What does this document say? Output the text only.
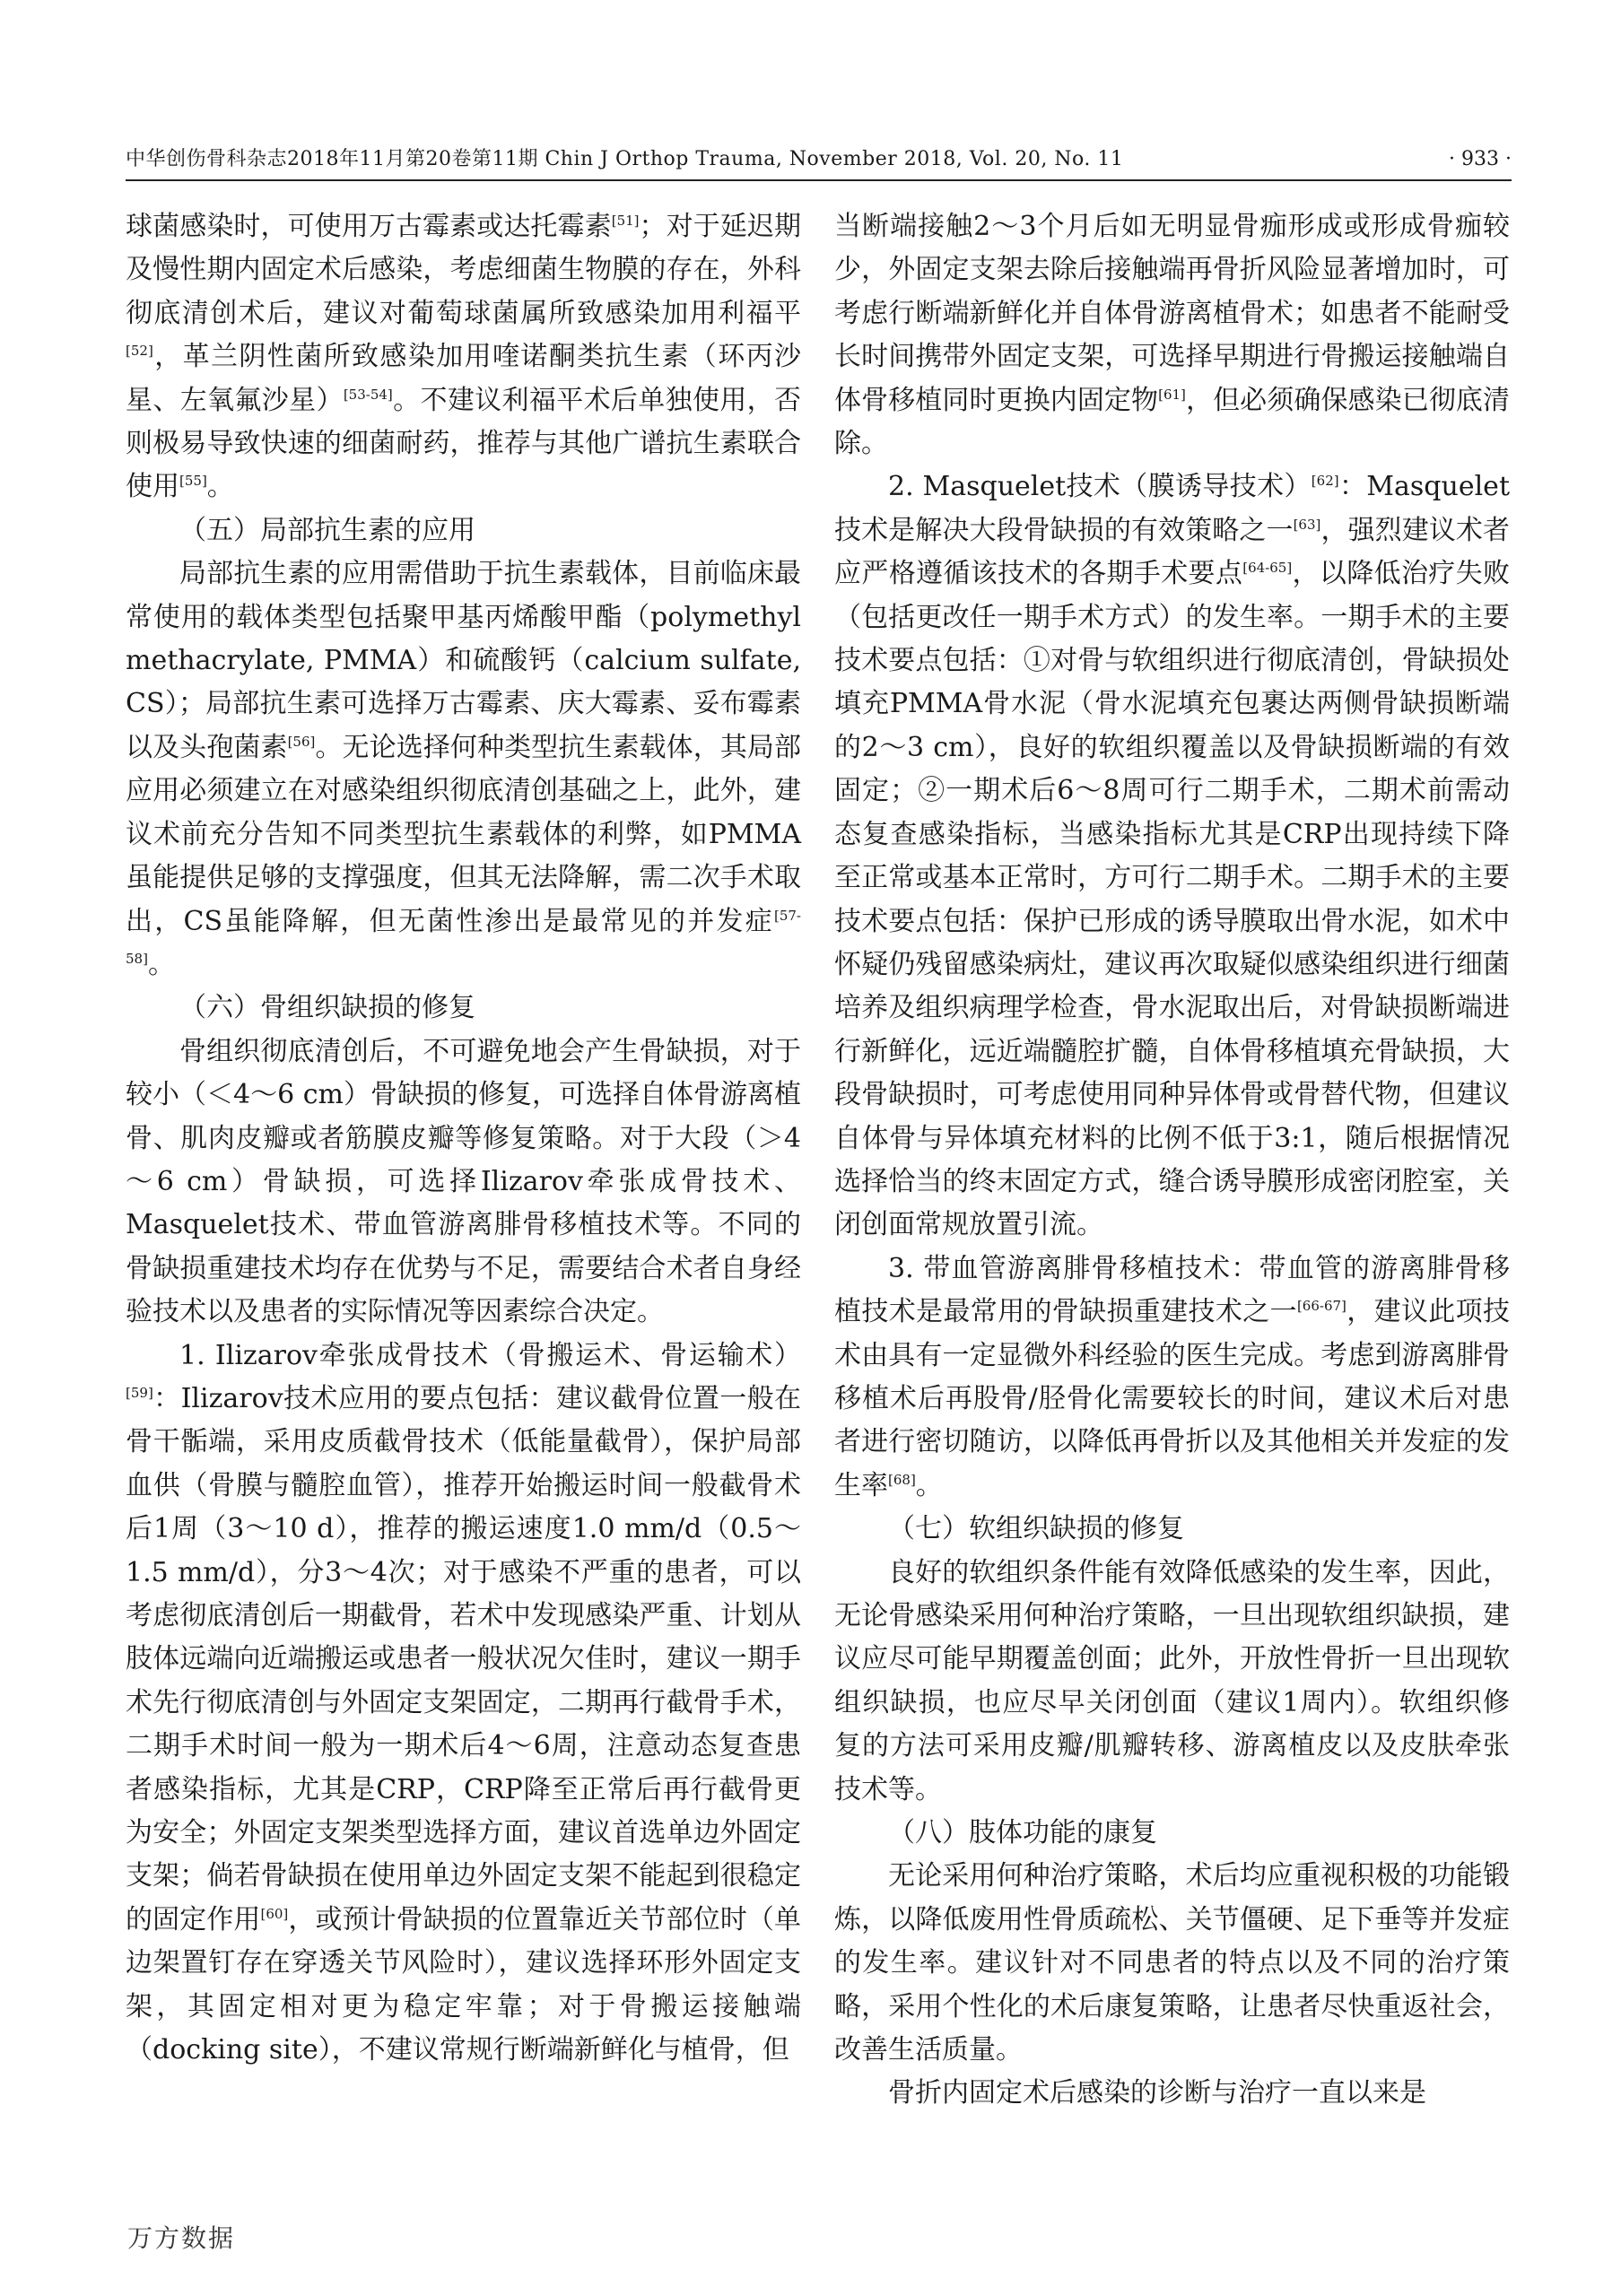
中华创伤骨科杂志2018年11月第20卷第11期 Chin J Orthop Trauma, November 2018, Vol. 20, No. 11	· 933 ·

球菌感染时，可使用万古霉素或达托霉素[51]；对于延迟期及慢性期内固定术后感染，考虑细菌生物膜的存在，外科彻底清创术后，建议对葡萄球菌属所致感染加用利福平[52]，革兰阴性菌所致感染加用喹诺酮类抗生素（环丙沙星、左氧氟沙星）[53-54]。不建议利福平术后单独使用，否则极易导致快速的细菌耐药，推荐与其他广谱抗生素联合使用[55]。

（五）局部抗生素的应用

局部抗生素的应用需借助于抗生素载体，目前临床最常使用的载体类型包括聚甲基丙烯酸甲酯（polymethyl methacrylate, PMMA）和硫酸钙（calcium sulfate, CS）；局部抗生素可选择万古霉素、庆大霉素、妥布霉素以及头孢菌素[56]。无论选择何种类型抗生素载体，其局部应用必须建立在对感染组织彻底清创基础之上，此外，建议术前充分告知不同类型抗生素载体的利弊，如PMMA虽能提供足够的支撑强度，但其无法降解，需二次手术取出，CS虽能降解，但无菌性渗出是最常见的并发症[57-58]。

（六）骨组织缺损的修复

骨组织彻底清创后，不可避免地会产生骨缺损，对于较小（＜4～6 cm）骨缺损的修复，可选择自体骨游离植骨、肌肉皮瓣或者筋膜皮瓣等修复策略。对于大段（＞4～6 cm）骨缺损，可选择Ilizarov牵张成骨技术、Masquelet技术、带血管游离腓骨移植技术等。不同的骨缺损重建技术均存在优势与不足，需要结合术者自身经验技术以及患者的实际情况等因素综合决定。

1. Ilizarov牵张成骨技术（骨搬运术、骨运输术）[59]：Ilizarov技术应用的要点包括：建议截骨位置一般在骨干骺端，采用皮质截骨技术（低能量截骨），保护局部血供（骨膜与髓腔血管），推荐开始搬运时间一般截骨术后1周（3～10 d），推荐的搬运速度1.0 mm/d（0.5～1.5 mm/d），分3～4次；对于感染不严重的患者，可以考虑彻底清创后一期截骨，若术中发现感染严重、计划从肢体远端向近端搬运或患者一般状况欠佳时，建议一期手术先行彻底清创与外固定支架固定，二期再行截骨手术，二期手术时间一般为一期术后4～6周，注意动态复查患者感染指标，尤其是CRP，CRP降至正常后再行截骨更为安全；外固定支架类型选择方面，建议首选单边外固定支架；倘若骨缺损在使用单边外固定支架不能起到很稳定的固定作用[60]，或预计骨缺损的位置靠近关节部位时（单边架置钉存在穿透关节风险时），建议选择环形外固定支架，其固定相对更为稳定牢靠；对于骨搬运接触端（docking site），不建议常规行断端新鲜化与植骨，但

当断端接触2～3个月后如无明显骨痂形成或形成骨痂较少，外固定支架去除后接触端再骨折风险显著增加时，可考虑行断端新鲜化并自体骨游离植骨术；如患者不能耐受长时间携带外固定支架，可选择早期进行骨搬运接触端自体骨移植同时更换内固定物[61]，但必须确保感染已彻底清除。

2. Masquelet技术（膜诱导技术）[62]：Masquelet技术是解决大段骨缺损的有效策略之一[63]，强烈建议术者应严格遵循该技术的各期手术要点[64-65]，以降低治疗失败（包括更改任一期手术方式）的发生率。一期手术的主要技术要点包括：①对骨与软组织进行彻底清创，骨缺损处填充PMMA骨水泥（骨水泥填充包裹达两侧骨缺损断端的2～3 cm），良好的软组织覆盖以及骨缺损断端的有效固定；②一期术后6～8周可行二期手术，二期术前需动态复查感染指标，当感染指标尤其是CRP出现持续下降至正常或基本正常时，方可行二期手术。二期手术的主要技术要点包括：保护已形成的诱导膜取出骨水泥，如术中怀疑仍残留感染病灶，建议再次取疑似感染组织进行细菌培养及组织病理学检查，骨水泥取出后，对骨缺损断端进行新鲜化，远近端髓腔扩髓，自体骨移植填充骨缺损，大段骨缺损时，可考虑使用同种异体骨或骨替代物，但建议自体骨与异体填充材料的比例不低于3:1，随后根据情况选择恰当的终末固定方式，缝合诱导膜形成密闭腔室，关闭创面常规放置引流。

3. 带血管游离腓骨移植技术：带血管的游离腓骨移植技术是最常用的骨缺损重建技术之一[66-67]，建议此项技术由具有一定显微外科经验的医生完成。考虑到游离腓骨移植术后再股骨/胫骨化需要较长的时间，建议术后对患者进行密切随访，以降低再骨折以及其他相关并发症的发生率[68]。

（七）软组织缺损的修复

良好的软组织条件能有效降低感染的发生率，因此，无论骨感染采用何种治疗策略，一旦出现软组织缺损，建议应尽可能早期覆盖创面；此外，开放性骨折一旦出现软组织缺损，也应尽早关闭创面（建议1周内）。软组织修复的方法可采用皮瓣/肌瓣转移、游离植皮以及皮肤牵张技术等。

（八）肢体功能的康复

无论采用何种治疗策略，术后均应重视积极的功能锻炼，以降低废用性骨质疏松、关节僵硬、足下垂等并发症的发生率。建议针对不同患者的特点以及不同的治疗策略，采用个性化的术后康复策略，让患者尽快重返社会，改善生活质量。

骨折内固定术后感染的诊断与治疗一直以来是

万方数据
